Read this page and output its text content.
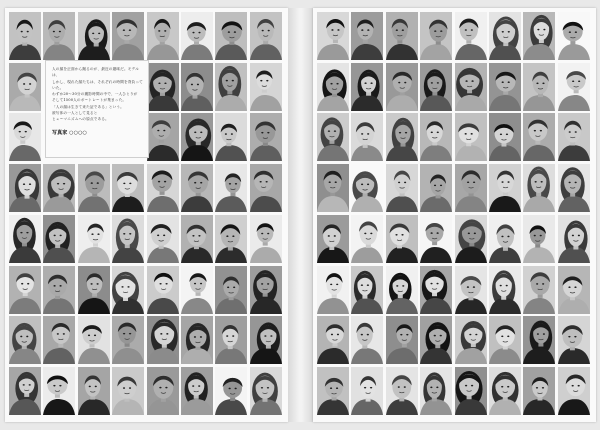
人の顔を正面から撮るのが、最近の趣味だ。モデルは、

しかし、現れた顔たちは、それぞれの時間を背負っていた。

わずか20～30分の撮影時間の中で、一人ひとりが

そして1500人のポートレートが集まった。

「人の顔は生きて来た証である」という。

被写体の一人として見ると

ヒューマニズムへの原点である。

写真家 ○○○○
